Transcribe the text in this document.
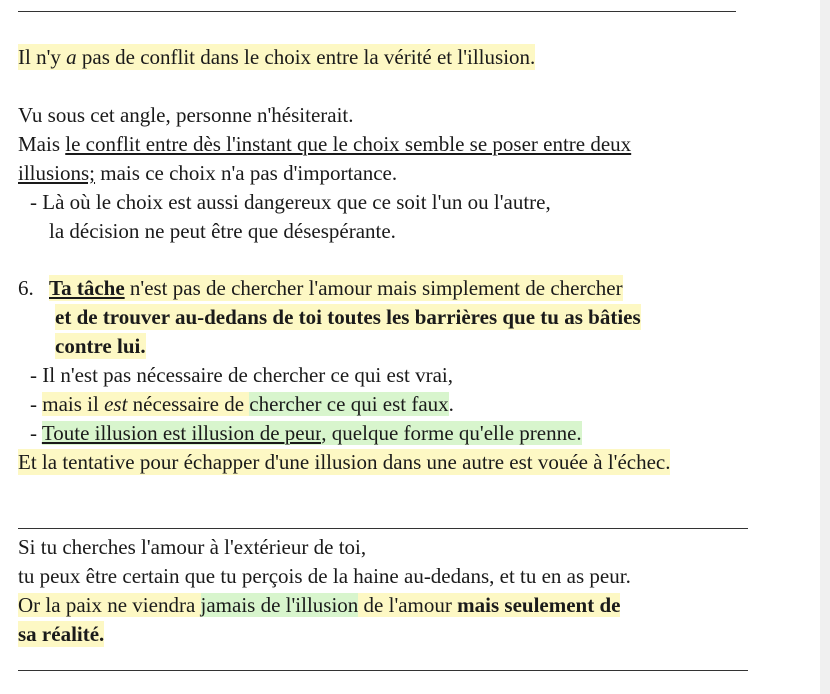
Il n'y a pas de conflit dans le choix entre la vérité et l'illusion.
Vu sous cet angle, personne n'hésiterait.
Mais le conflit entre dès l'instant que le choix semble se poser entre deux
illusions; mais ce choix n'a pas d'importance.
- Là où le choix est aussi dangereux que ce soit l'un ou l'autre,
la décision ne peut être que désespérante.
6. Ta tâche n'est pas de chercher l'amour mais simplement de chercher
et de trouver au-dedans de toi toutes les barrières que tu as bâties
contre lui.
- Il n'est pas nécessaire de chercher ce qui est vrai,
- mais il est nécessaire de chercher ce qui est faux.
- Toute illusion est illusion de peur, quelque forme qu'elle prenne.
Et la tentative pour échapper d'une illusion dans une autre est vouée à l'échec.
Si tu cherches l'amour à l'extérieur de toi,
tu peux être certain que tu perçois de la haine au-dedans, et tu en as peur.
Or la paix ne viendra jamais de l'illusion de l'amour mais seulement de
sa réalité.
